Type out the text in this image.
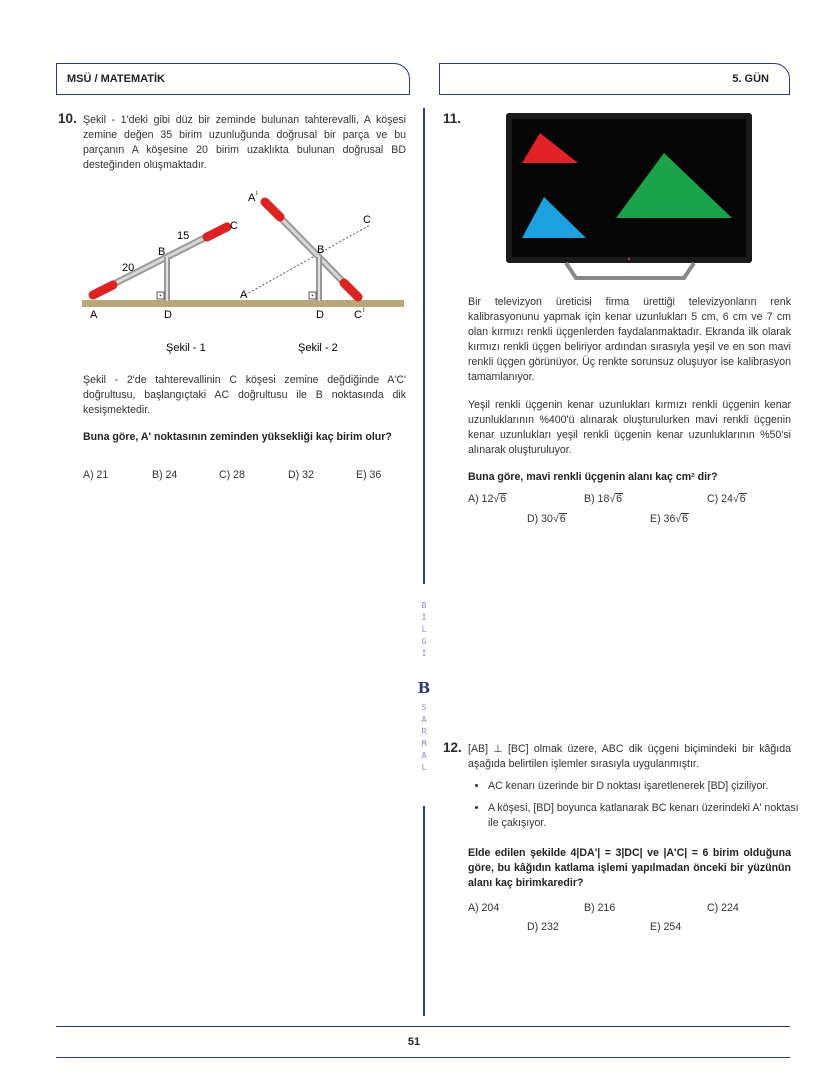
MSÜ / MATEMATİK	5. GÜN
10. Şekil - 1'deki gibi düz bir zeminde bulunan tahterevalli, A köşesi zemine değen 35 birim uzunluğunda doğrusal bir parça ve bu parçanın A köşesine 20 birim uzaklıkta bulunan doğrusal BD desteğinden oluşmaktadır.
A	D
B
C
20
15
Şekil - 1
A I
B
C
A
D	C I
Şekil - 2
Şekil - 2'de tahterevallinin C köşesi zemine değdiğinde A'C' doğrultusu, başlangıçtaki AC doğrultusu ile B noktasında dik kesişmektedir.
Buna göre, A' noktasının zeminden yüksekliği kaç birim olur?
A) 21	B) 24	C) 28	D) 32	E) 36
11.
Bir televizyon üreticisi firma ürettiği televizyonların renk kalibrasyonunu yapmak için kenar uzunlukları 5 cm, 6 cm ve 7 cm olan kırmızı renkli üçgenlerden faydalanmaktadır. Ekranda ilk olarak kırmızı renkli üçgen beliriyor ardından sırasıyla yeşil ve en son mavi renkli üçgen görünüyor. Üç renkte sorunsuz oluşuyor ise kalibrasyon tamamlanıyor.
Yeşil renkli üçgenin kenar uzunlukları kırmızı renkli üçgenin kenar uzunluklarının %400'ü alınarak oluşturulurken mavi renkli üçgenin kenar uzunlukları yeşil renkli üçgenin kenar uzunluklarının %50'si alınarak oluşturuluyor.
Buna göre, mavi renkli üçgenin alanı kaç cm² dir?
A) 12√6	B) 18√6	C) 24√6
D) 30√6	E) 36√6
B
İ
L
G
İ
B
S
A
R
M
A
L
12. [AB] ⊥ [BC] olmak üzere, ABC dik üçgeni biçimindeki bir kâğıda aşağıda belirtilen işlemler sırasıyla uygulanmıştır.
• AC kenarı üzerinde bir D noktası işaretlenerek [BD] çiziliyor.
• A köşesi, [BD] boyunca katlanarak BC kenarı üzerindeki A' noktası ile çakışıyor.
Elde edilen şekilde 4|DA'| = 3|DC| ve |A'C| = 6 birim olduğuna göre, bu kâğıdın katlama işlemi yapılmadan önceki bir yüzünün alanı kaç birimkaredir?
A) 204	B) 216	C) 224
D) 232	E) 254
51
